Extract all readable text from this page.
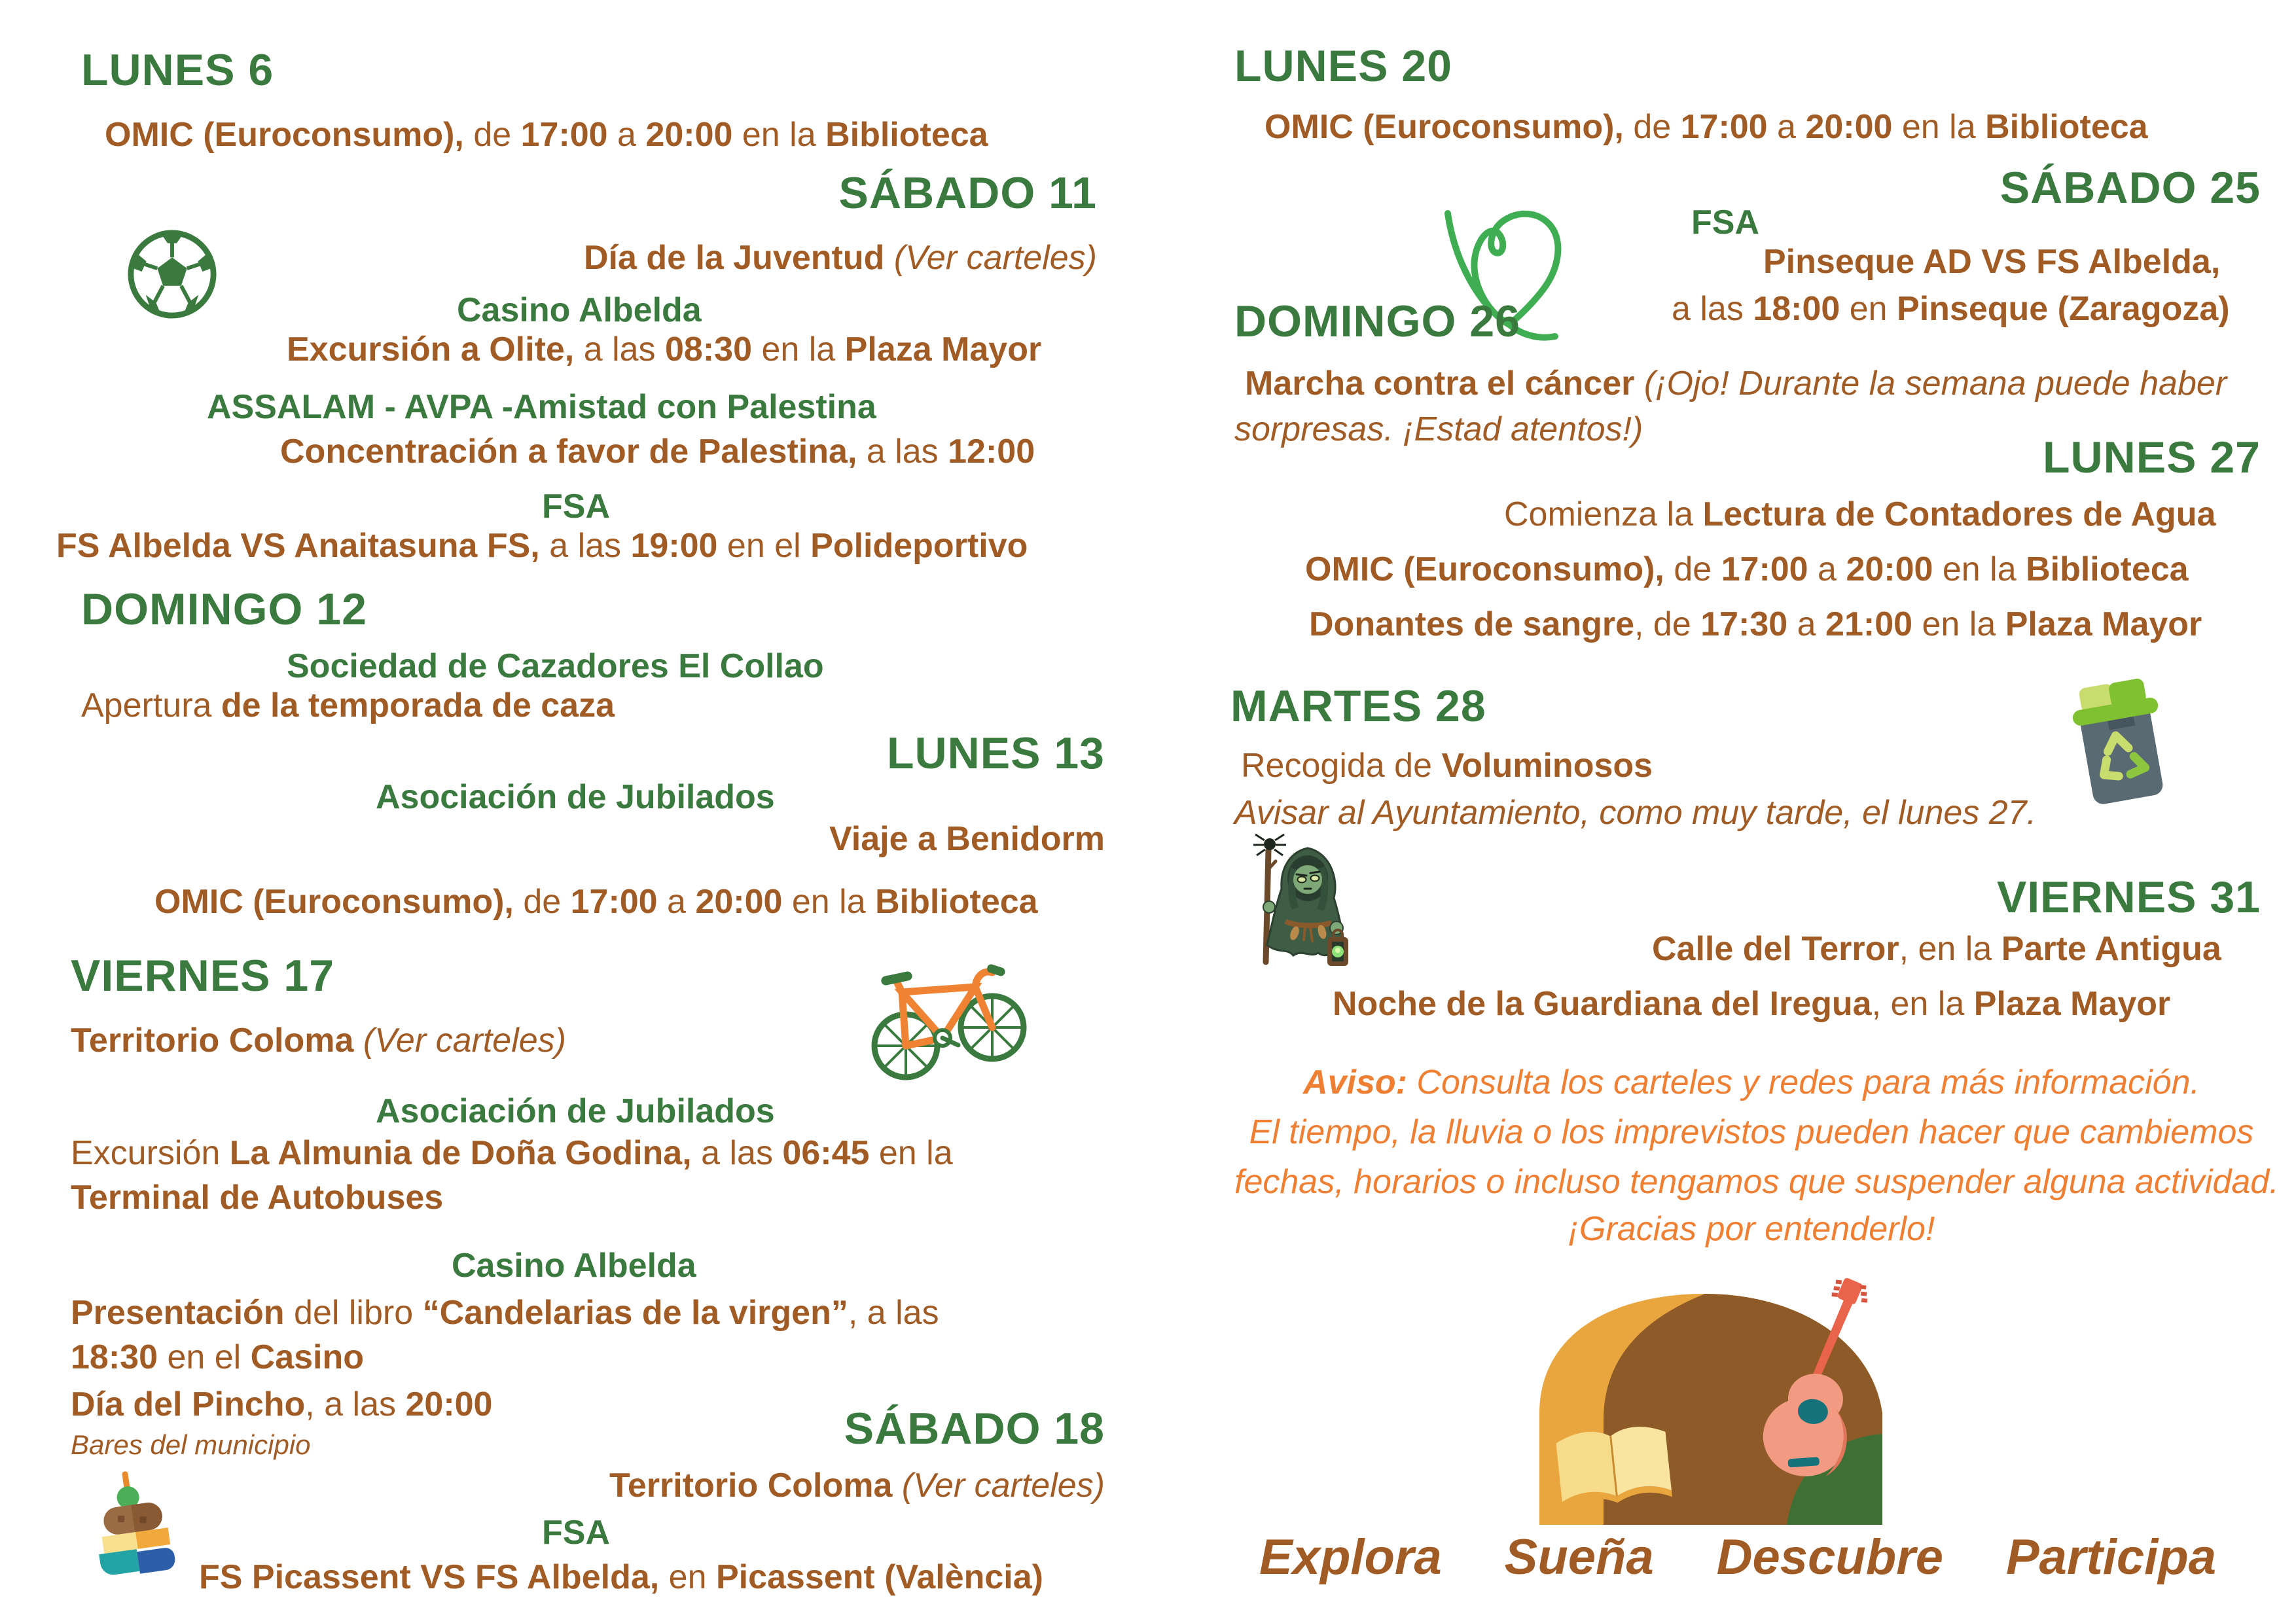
LUNES 6
OMIC (Euroconsumo), de 17:00 a 20:00 en la Biblioteca
SÁBADO 11
Día de la Juventud (Ver carteles)
Casino Albelda
Excursión a Olite, a las 08:30 en la Plaza Mayor
ASSALAM - AVPA -Amistad con Palestina
Concentración a favor de Palestina, a las 12:00
FSA
FS Albelda VS Anaitasuna FS, a las 19:00 en el Polideportivo
DOMINGO 12
Sociedad de Cazadores El Collao
Apertura de la temporada de caza
LUNES 13
Asociación de Jubilados
Viaje a Benidorm
OMIC (Euroconsumo), de 17:00 a 20:00 en la Biblioteca
VIERNES 17
Territorio Coloma (Ver carteles)
Asociación de Jubilados
Excursión La Almunia de Doña Godina, a las 06:45 en la
Terminal de Autobuses
Casino Albelda
Presentación del libro “Candelarias de la virgen”, a las
18:30 en el Casino
Día del Pincho, a las 20:00
Bares del municipio	SÁBADO 18
Territorio Coloma (Ver carteles)
FSA
FS Picassent VS FS Albelda, en Picassent (València)
LUNES 20
OMIC (Euroconsumo), de 17:00 a 20:00 en la Biblioteca
SÁBADO 25
FSA
Pinseque AD VS FS Albelda,
a las 18:00 en Pinseque (Zaragoza)
DOMINGO 26
Marcha contra el cáncer (¡Ojo! Durante la semana puede haber
sorpresas. ¡Estad atentos!)
LUNES 27
Comienza la Lectura de Contadores de Agua
OMIC (Euroconsumo), de 17:00 a 20:00 en la Biblioteca
Donantes de sangre, de 17:30 a 21:00 en la Plaza Mayor
MARTES 28
Recogida de Voluminosos
Avisar al Ayuntamiento, como muy tarde, el lunes 27.
VIERNES 31
Calle del Terror, en la Parte Antigua
Noche de la Guardiana del Iregua, en la Plaza Mayor
Aviso: Consulta los carteles y redes para más información.
El tiempo, la lluvia o los imprevistos pueden hacer que cambiemos
fechas, horarios o incluso tengamos que suspender alguna actividad.
¡Gracias por entenderlo!
Explora Sueña Descubre Participa
